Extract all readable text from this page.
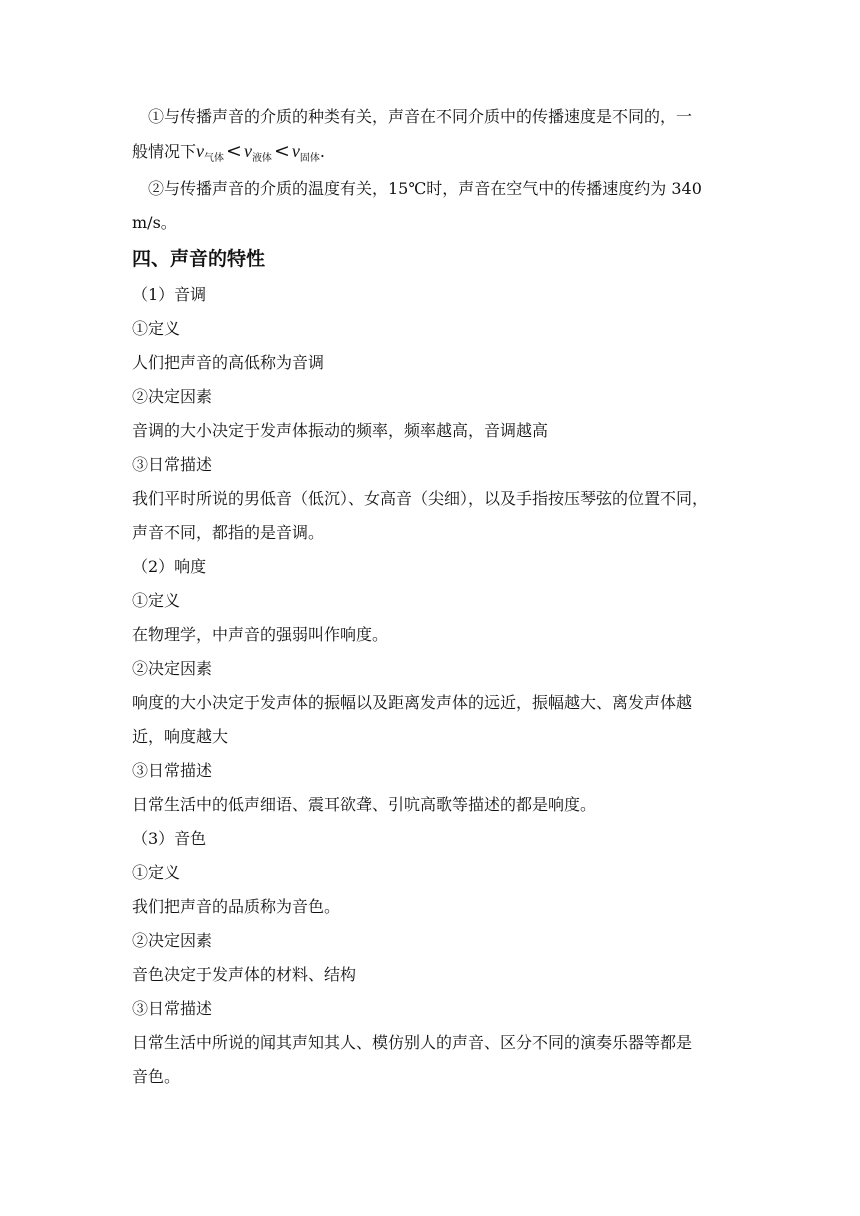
①与传播声音的介质的种类有关，声音在不同介质中的传播速度是不同的，一

般情况下$v_{气体} < v_{液体} < v_{固体}$.

②与传播声音的介质的温度有关，15℃时，声音在空气中的传播速度约为 340

m/s。

四、声音的特性

（1）音调

①定义

人们把声音的高低称为音调

②决定因素

音调的大小决定于发声体振动的频率，频率越高，音调越高

③日常描述

我们平时所说的男低音（低沉）、女高音（尖细），以及手指按压琴弦的位置不同，

声音不同，都指的是音调。

（2）响度

①定义

在物理学，中声音的强弱叫作响度。

②决定因素

响度的大小决定于发声体的振幅以及距离发声体的远近，振幅越大、离发声体越

近，响度越大

③日常描述

日常生活中的低声细语、震耳欲聋、引吭高歌等描述的都是响度。

（3）音色

①定义

我们把声音的品质称为音色。

②决定因素

音色决定于发声体的材料、结构

③日常描述

日常生活中所说的闻其声知其人、模仿别人的声音、区分不同的演奏乐器等都是

音色。
